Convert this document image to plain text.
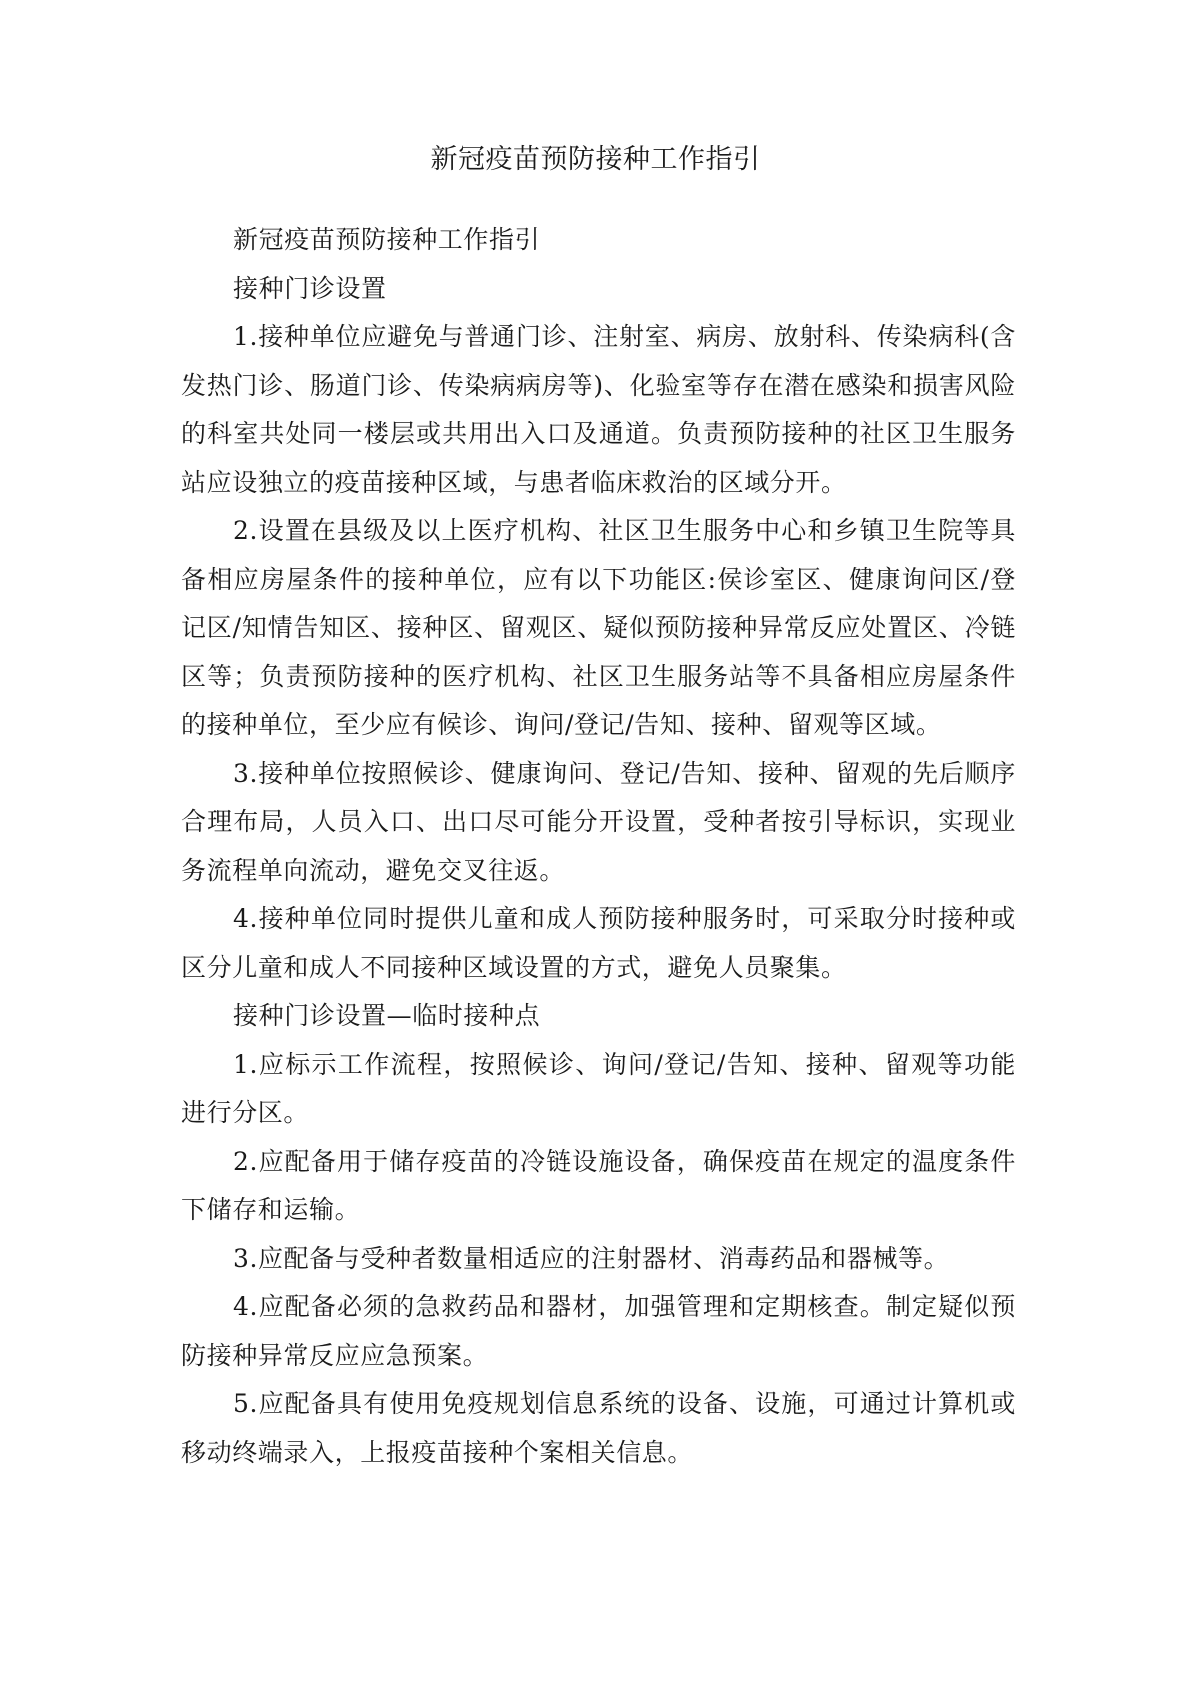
新冠疫苗预防接种工作指引

新冠疫苗预防接种工作指引

接种门诊设置

1.接种单位应避免与普通门诊、注射室、病房、放射科、传染病科(含发热门诊、肠道门诊、传染病病房等)、化验室等存在潜在感染和损害风险的科室共处同一楼层或共用出入口及通道。负责预防接种的社区卫生服务站应设独立的疫苗接种区域，与患者临床救治的区域分开。

2.设置在县级及以上医疗机构、社区卫生服务中心和乡镇卫生院等具备相应房屋条件的接种单位，应有以下功能区:侯诊室区、健康询问区/登记区/知情告知区、接种区、留观区、疑似预防接种异常反应处置区、冷链区等；负责预防接种的医疗机构、社区卫生服务站等不具备相应房屋条件的接种单位，至少应有候诊、询问/登记/告知、接种、留观等区域。

3.接种单位按照候诊、健康询问、登记/告知、接种、留观的先后顺序合理布局，人员入口、出口尽可能分开设置，受种者按引导标识，实现业务流程单向流动，避免交叉往返。

4.接种单位同时提供儿童和成人预防接种服务时，可采取分时接种或区分儿童和成人不同接种区域设置的方式，避免人员聚集。

接种门诊设置—临时接种点

1.应标示工作流程，按照候诊、询问/登记/告知、接种、留观等功能进行分区。

2.应配备用于储存疫苗的冷链设施设备，确保疫苗在规定的温度条件下储存和运输。

3.应配备与受种者数量相适应的注射器材、消毒药品和器械等。

4.应配备必须的急救药品和器材，加强管理和定期核查。制定疑似预防接种异常反应应急预案。

5.应配备具有使用免疫规划信息系统的设备、设施，可通过计算机或移动终端录入，上报疫苗接种个案相关信息。
